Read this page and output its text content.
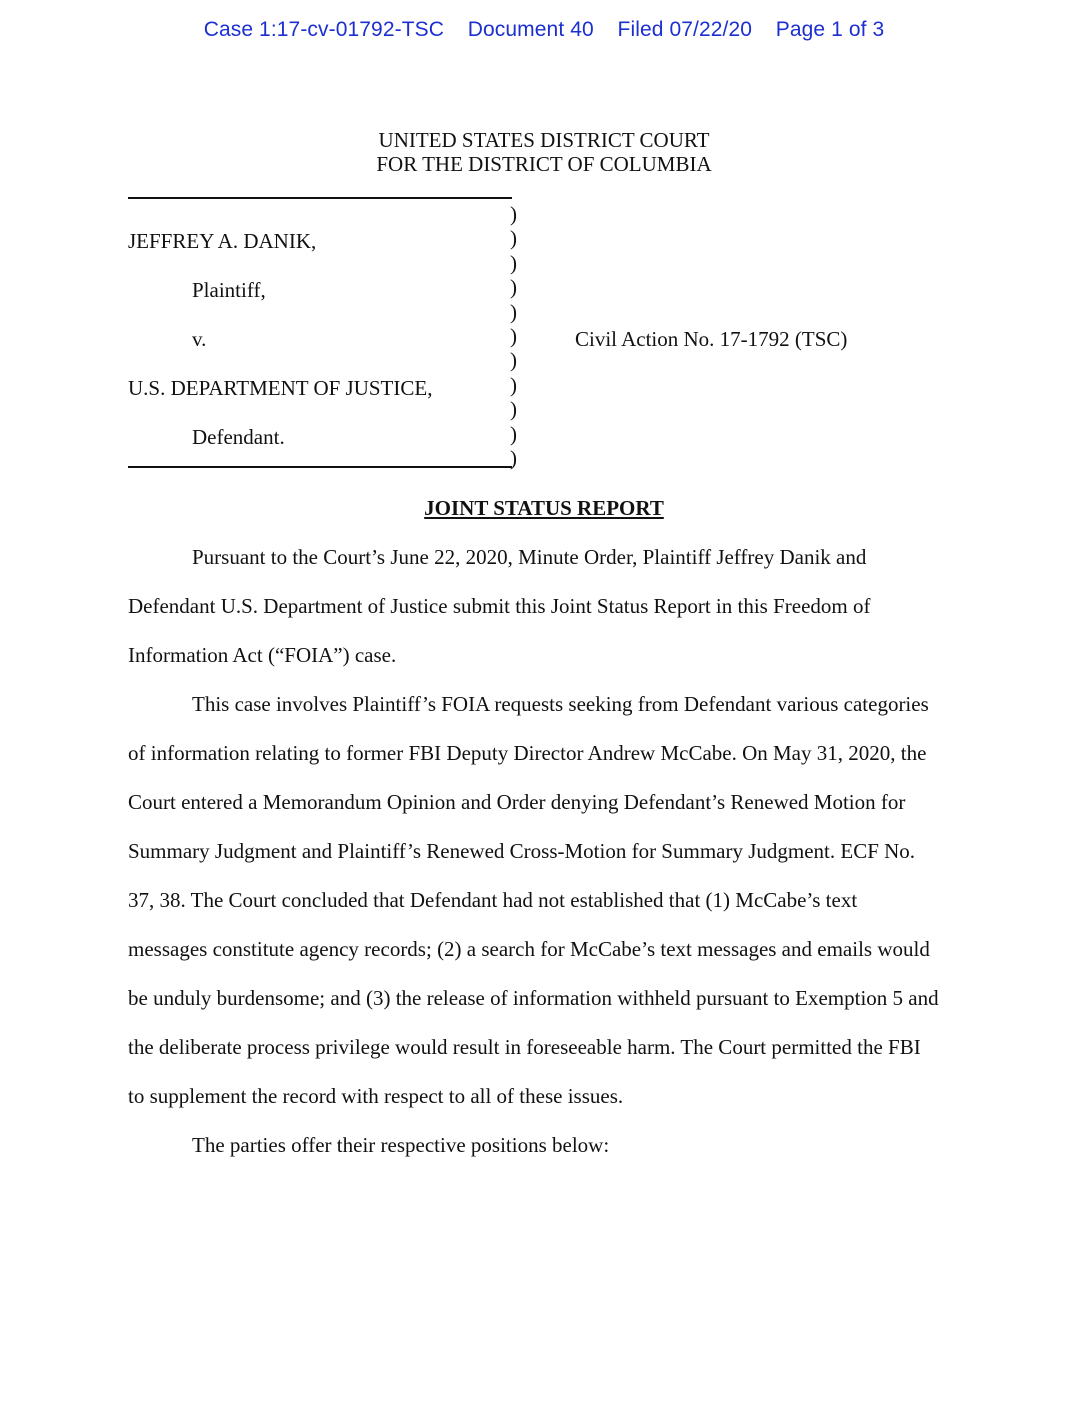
Case 1:17-cv-01792-TSC Document 40 Filed 07/22/20 Page 1 of 3
UNITED STATES DISTRICT COURT
FOR THE DISTRICT OF COLUMBIA
)
)
)
)
)
)
)
)
)
)
)
JEFFREY A. DANIK,
Plaintiff,
v.	Civil Action No. 17-1792 (TSC)
U.S. DEPARTMENT OF JUSTICE,
Defendant.
JOINT STATUS REPORT
Pursuant to the Court’s June 22, 2020, Minute Order, Plaintiff Jeffrey Danik and
Defendant U.S. Department of Justice submit this Joint Status Report in this Freedom of
Information Act (“FOIA”) case.
This case involves Plaintiff’s FOIA requests seeking from Defendant various categories
of information relating to former FBI Deputy Director Andrew McCabe. On May 31, 2020, the
Court entered a Memorandum Opinion and Order denying Defendant’s Renewed Motion for
Summary Judgment and Plaintiff’s Renewed Cross-Motion for Summary Judgment. ECF No.
37, 38. The Court concluded that Defendant had not established that (1) McCabe’s text
messages constitute agency records; (2) a search for McCabe’s text messages and emails would
be unduly burdensome; and (3) the release of information withheld pursuant to Exemption 5 and
the deliberate process privilege would result in foreseeable harm. The Court permitted the FBI
to supplement the record with respect to all of these issues.
The parties offer their respective positions below:
